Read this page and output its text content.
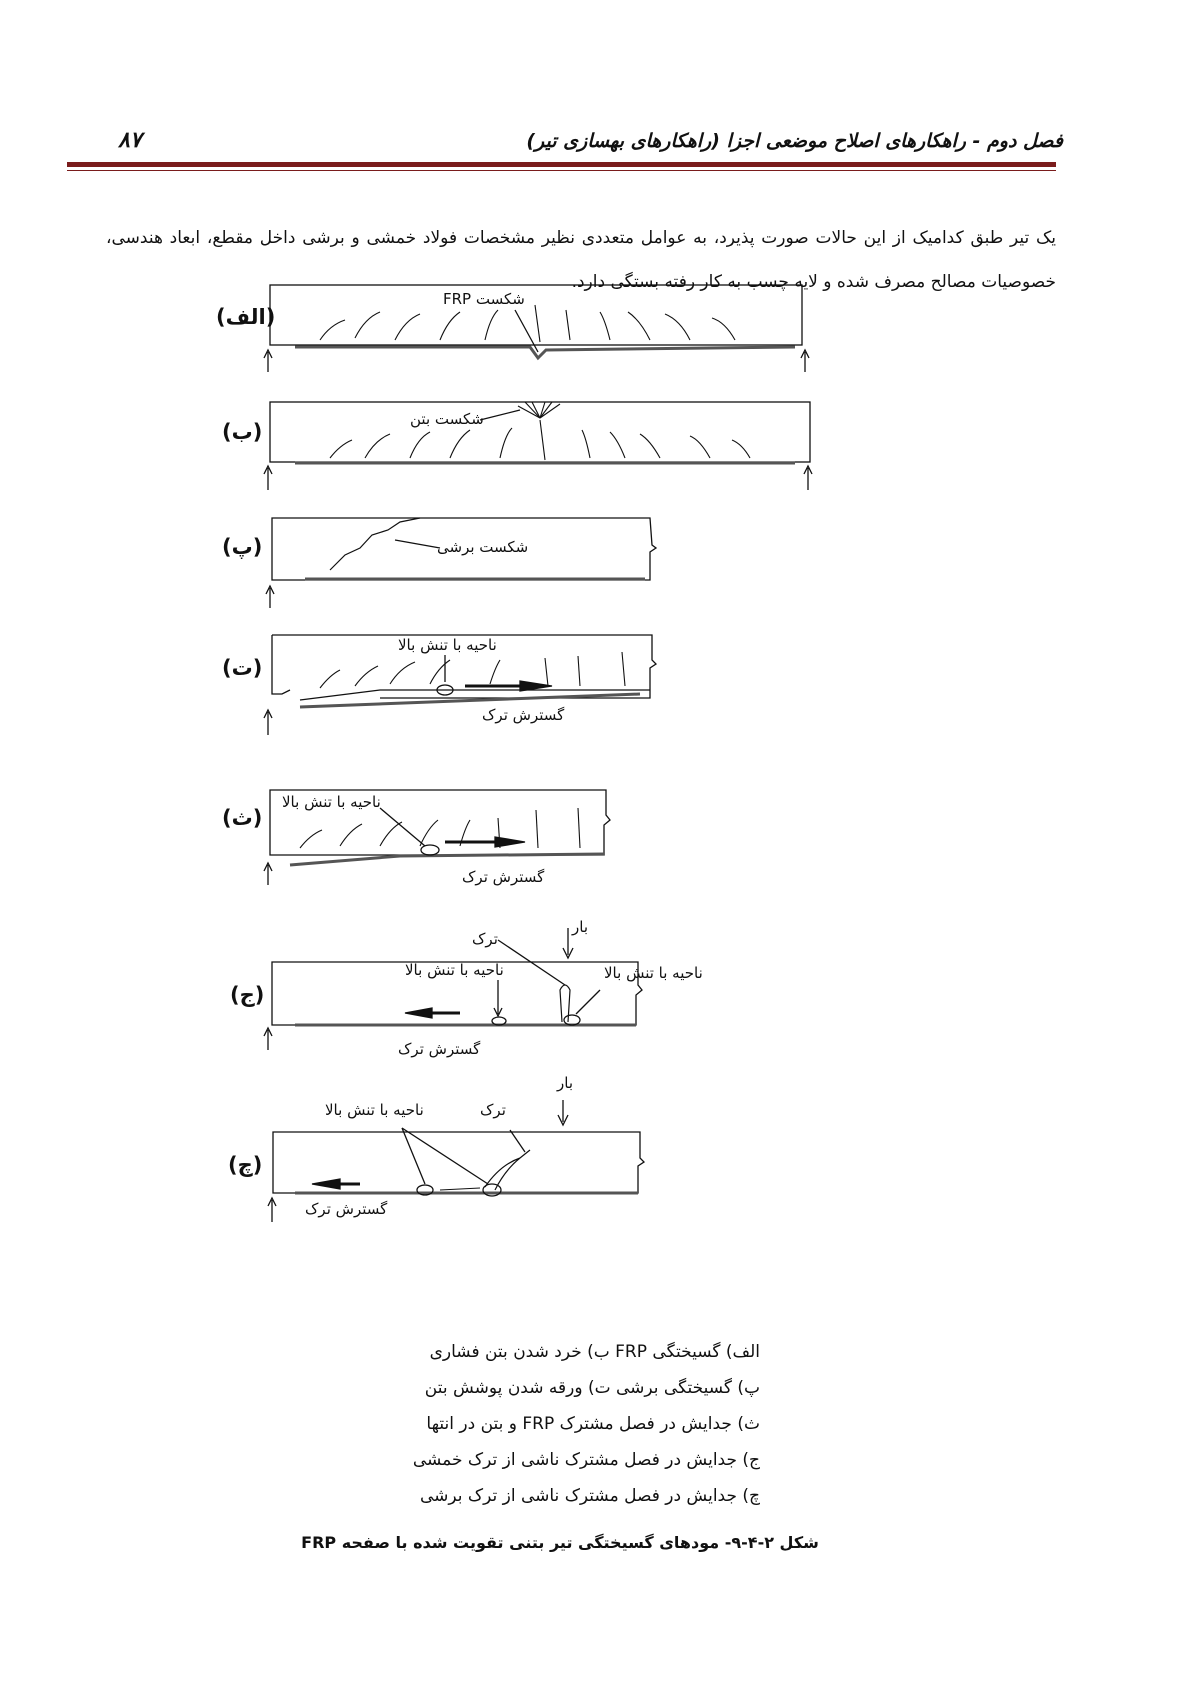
فصل دوم - راهکارهای اصلاح موضعی اجزا (راهکارهای بهسازی تیر)
۸۷
یک تیر طبق کدامیک از این حالات صورت پذیرد، به عوامل متعددی نظیر مشخصات فولاد خمشی و برشی داخل مقطع، ابعاد هندسی، خصوصیات مصالح مصرف شده و لایه چسب به کار رفته بستگی دارد.
(الف)
(ب)
(پ)
(ت)
(ث)
(ج)
(چ)
شکست FRP
شکست بتن
شکست برشی
ناحیه با تنش بالا
گسترش ترک
ناحیه با تنش بالا
گسترش ترک
بار
ترک
ناحیه با تنش بالا	ناحیه با تنش بالا
گسترش ترک
بار
ترک
ناحیه با تنش بالا
گسترش ترک
الف) گسیختگی FRP ب) خرد شدن بتن فشاری
پ) گسیختگی برشی ت) ورقه شدن پوشش بتن
ث) جدایش در فصل مشترک FRP و بتن در انتها
ج) جدایش در فصل مشترک ناشی از ترک خمشی
چ) جدایش در فصل مشترک ناشی از ترک برشی
شکل ۲-۴-۹- مودهای گسیختگی تیر بتنی تقویت شده با صفحه FRP
